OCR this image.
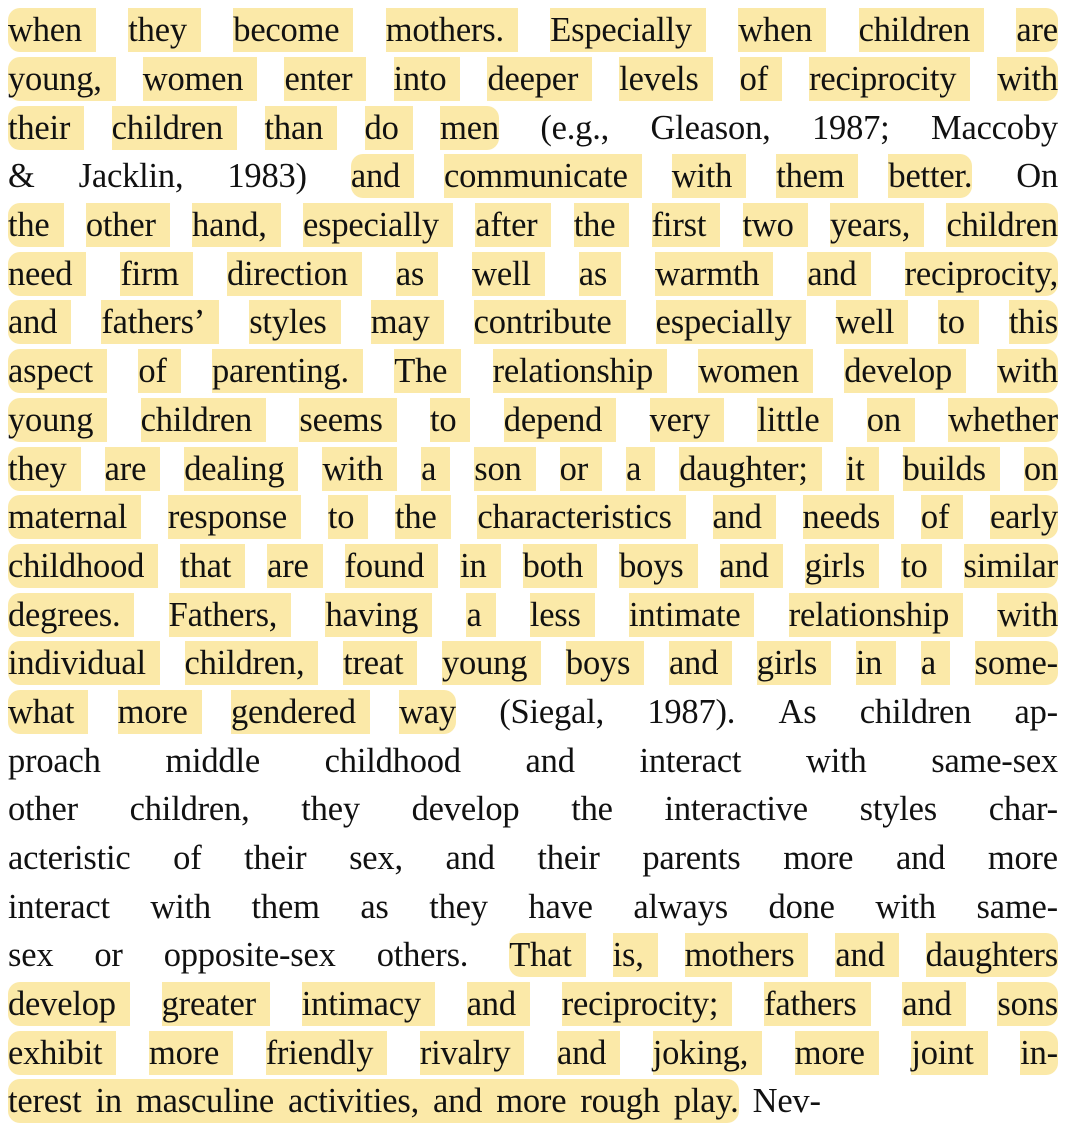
when they become mothers. Especially when children are
young, women enter into deeper levels of reciprocity with
their children than do men (e.g., Gleason, 1987; Maccoby
& Jacklin, 1983) and communicate with them better. On
the other hand, especially after the first two years, children
need firm direction as well as warmth and reciprocity,
and fathers’ styles may contribute especially well to this
aspect of parenting. The relationship women develop with
young children seems to depend very little on whether
they are dealing with a son or a daughter; it builds on
maternal response to the characteristics and needs of early
childhood that are found in both boys and girls to similar
degrees. Fathers, having a less intimate relationship with
individual children, treat young boys and girls in a some-
what more gendered way (Siegal, 1987). As children ap-
proach middle childhood and interact with same-sex
other children, they develop the interactive styles char-
acteristic of their sex, and their parents more and more
interact with them as they have always done with same-
sex or opposite-sex others. That is, mothers and daughters
develop greater intimacy and reciprocity; fathers and sons
exhibit more friendly rivalry and joking, more joint in-
terest in masculine activities, and more rough play. Nev-
